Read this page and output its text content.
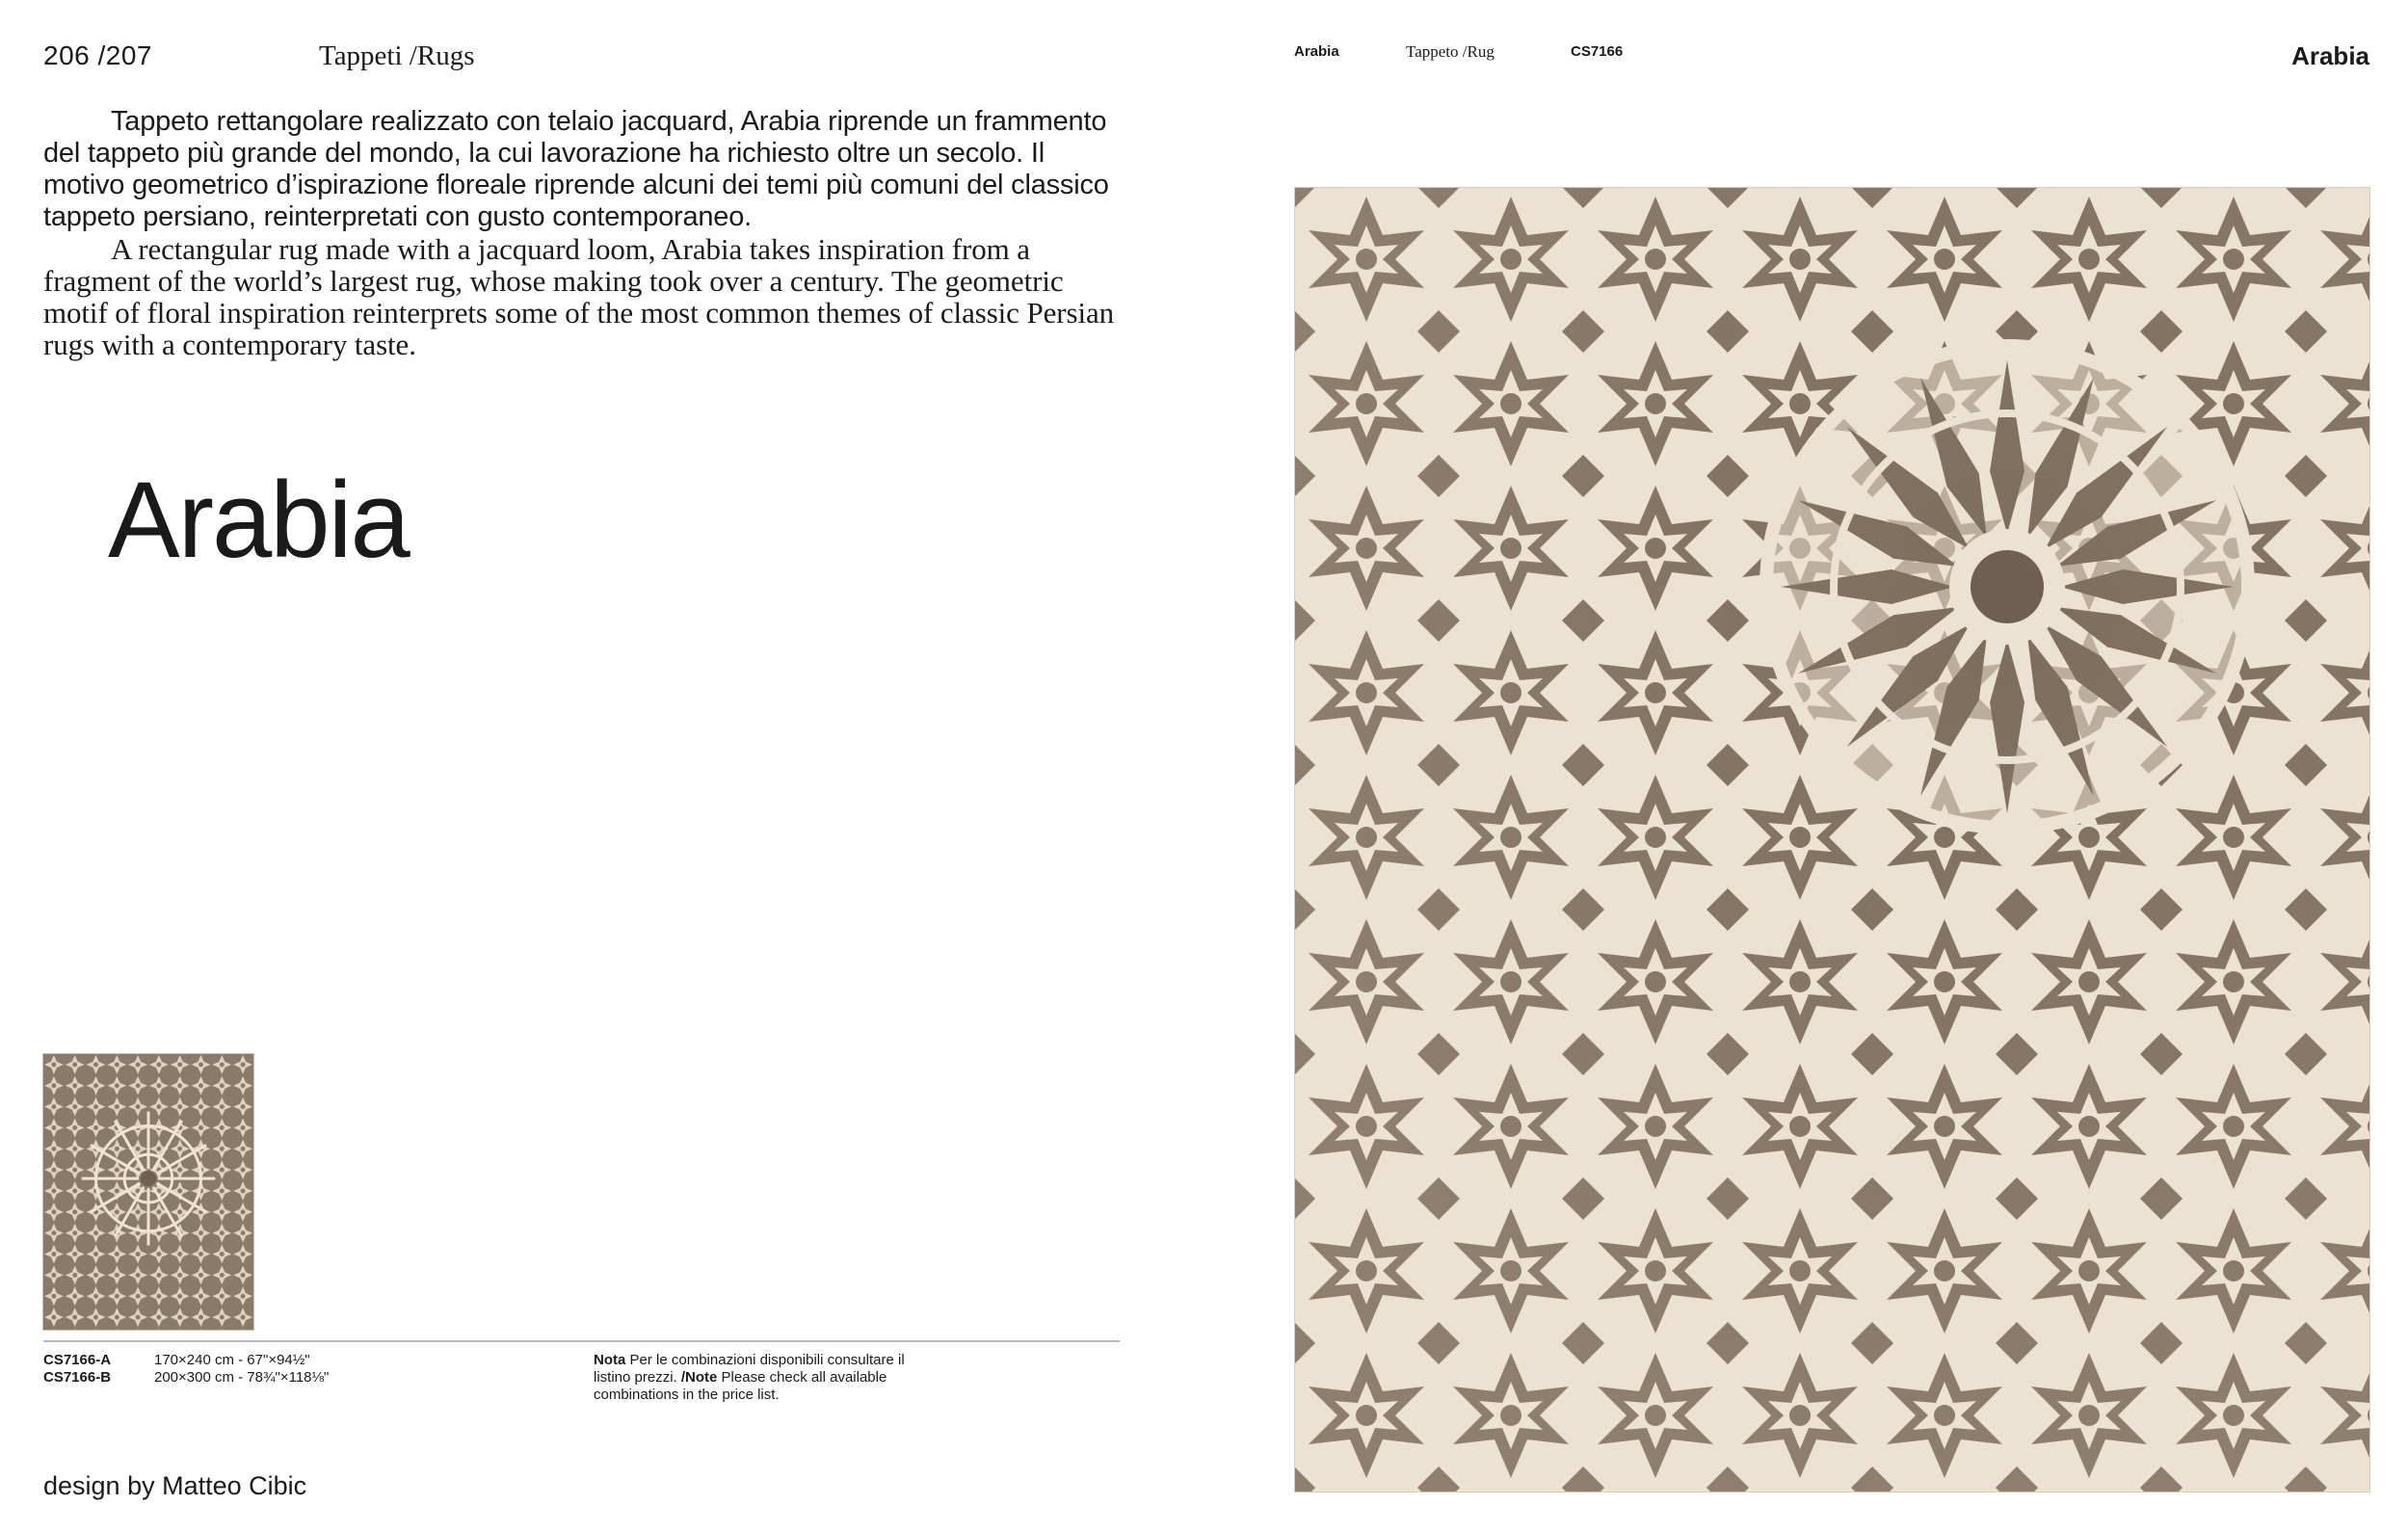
206 /207	Tappeti /Rugs

Tappeto rettangolare realizzato con telaio jacquard, Arabia riprende un frammento del tappeto più grande del mondo, la cui lavorazione ha richiesto oltre un secolo. Il motivo geometrico d’ispirazione floreale riprende alcuni dei temi più comuni del classico tappeto persiano, reinterpretati con gusto contemporaneo.

A rectangular rug made with a jacquard loom, Arabia takes inspiration from a fragment of the world’s largest rug, whose making took over a century. The geometric motif of floral inspiration reinterprets some of the most common themes of classic Persian rugs with a contemporary taste.

Arabia
CS7166-A	170×240 cm - 67"×94½"
CS7166-B	200×300 cm - 78¾"×118⅛"
Nota Per le combinazioni disponibili consultare il listino prezzi. /Note Please check all available combinations in the price list.
design by Matteo Cibic
Arabia	Tappeto /Rug	CS7166	Arabia
